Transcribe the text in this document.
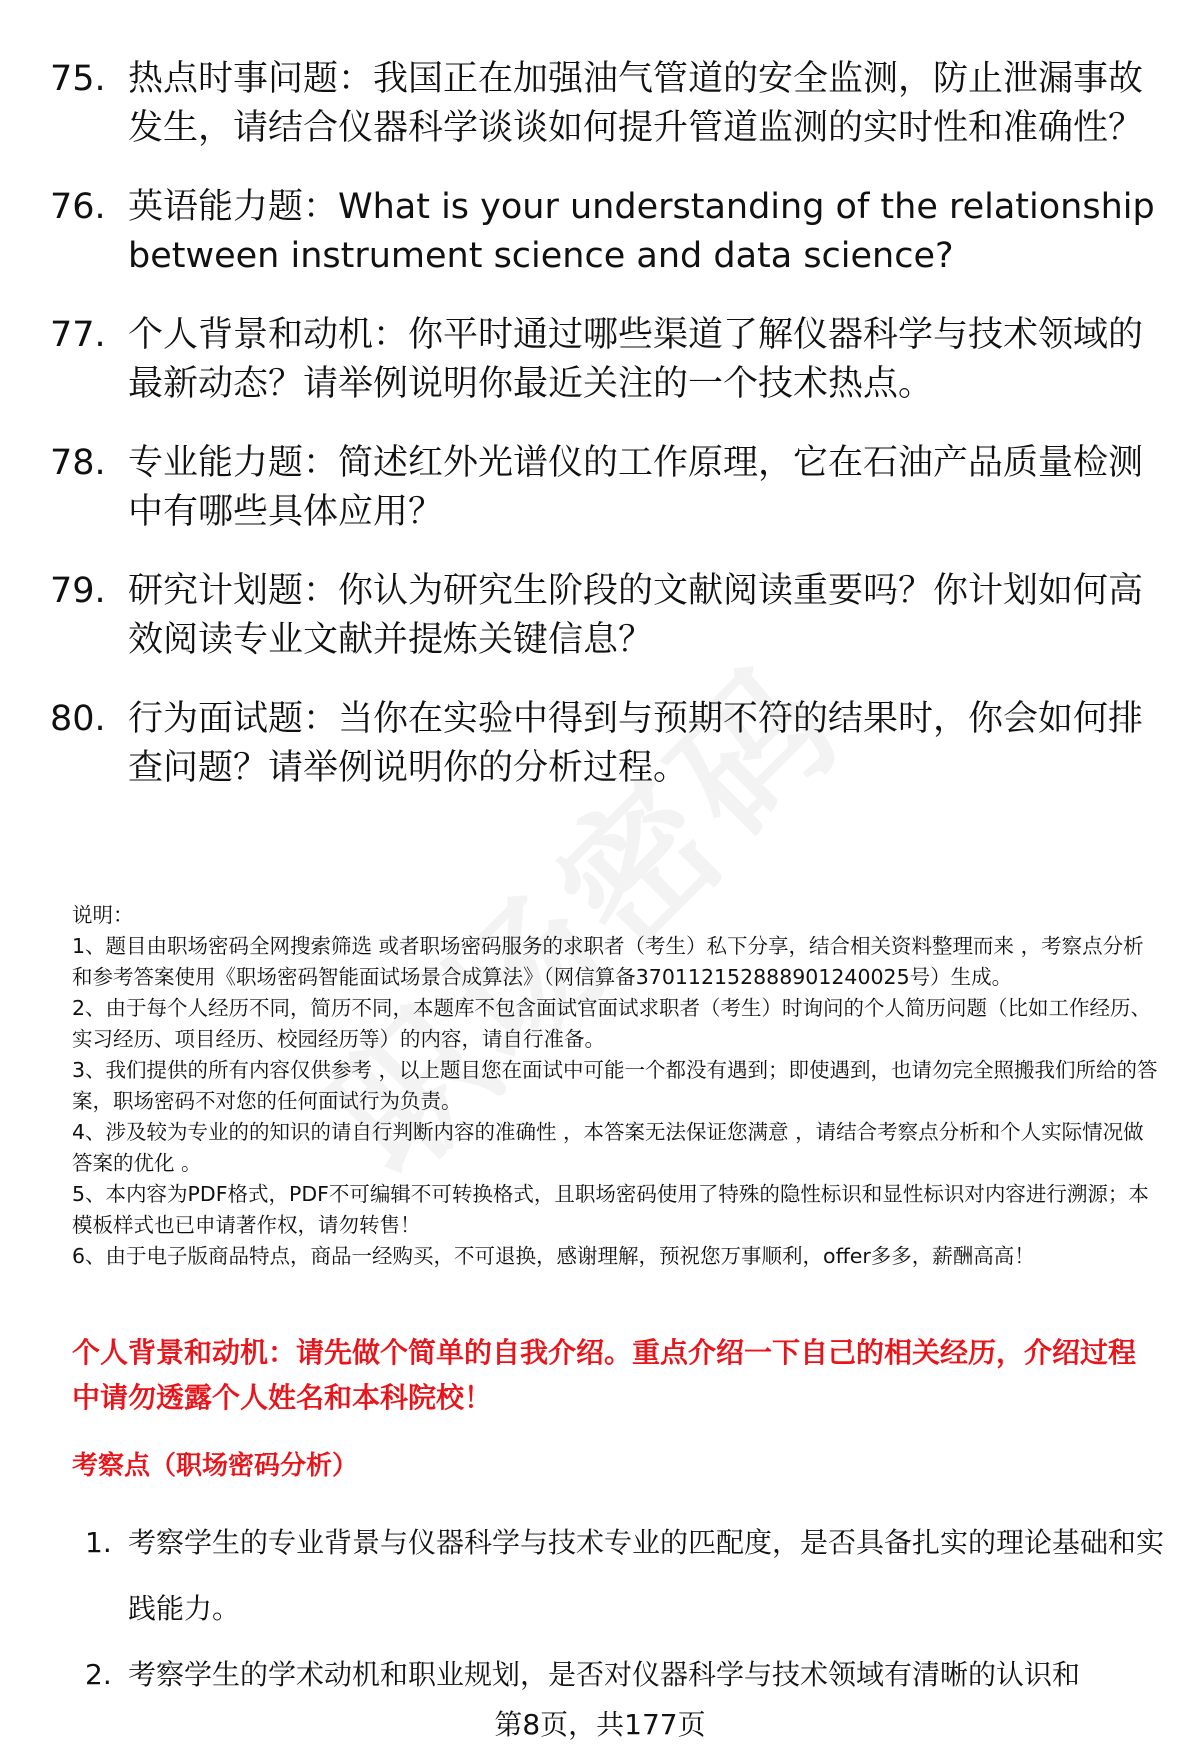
75. 热点时事问题：我国正在加强油气管道的安全监测，防止泄漏事故发生，请结合仪器科学谈谈如何提升管道监测的实时性和准确性？
76. 英语能力题：What is your understanding of the relationship between instrument science and data science?
77. 个人背景和动机：你平时通过哪些渠道了解仪器科学与技术领域的最新动态？请举例说明你最近关注的一个技术热点。
78. 专业能力题：简述红外光谱仪的工作原理，它在石油产品质量检测中有哪些具体应用？
79. 研究计划题：你认为研究生阶段的文献阅读重要吗？你计划如何高效阅读专业文献并提炼关键信息？
80. 行为面试题：当你在实验中得到与预期不符的结果时，你会如何排查问题？请举例说明你的分析过程。

说明：

1、题目由职场密码全网搜索筛选 或者职场密码服务的求职者（考生）私下分享，结合相关资料整理而来 ，考察点分析和参考答案使用《职场密码智能面试场景合成算法》（网信算备370112152888901240025号）生成。

2、由于每个人经历不同，简历不同，本题库不包含面试官面试求职者（考生）时询问的个人简历问题（比如工作经历、实习经历、项目经历、校园经历等）的内容，请自行准备。

3、我们提供的所有内容仅供参考 ，以上题目您在面试中可能一个都没有遇到；即使遇到，也请勿完全照搬我们所给的答案，职场密码不对您的任何面试行为负责。

4、涉及较为专业的的知识的请自行判断内容的准确性 ，本答案无法保证您满意 ，请结合考察点分析和个人实际情况做答案的优化 。

5、本内容为PDF格式，PDF不可编辑不可转换格式，且职场密码使用了特殊的隐性标识和显性标识对内容进行溯源；本模板样式也已申请著作权，请勿转售！

6、由于电子版商品特点，商品一经购买，不可退换，感谢理解，预祝您万事顺利，offer多多，薪酬高高！

个人背景和动机：请先做个简单的自我介绍。重点介绍一下自己的相关经历，介绍过程中请勿透露个人姓名和本科院校！
考察点（职场密码分析）
1. 考察学生的专业背景与仪器科学与技术专业的匹配度，是否具备扎实的理论基础和实践能力。
2. 考察学生的学术动机和职业规划，是否对仪器科学与技术领域有清晰的认识和
第8页，共177页
